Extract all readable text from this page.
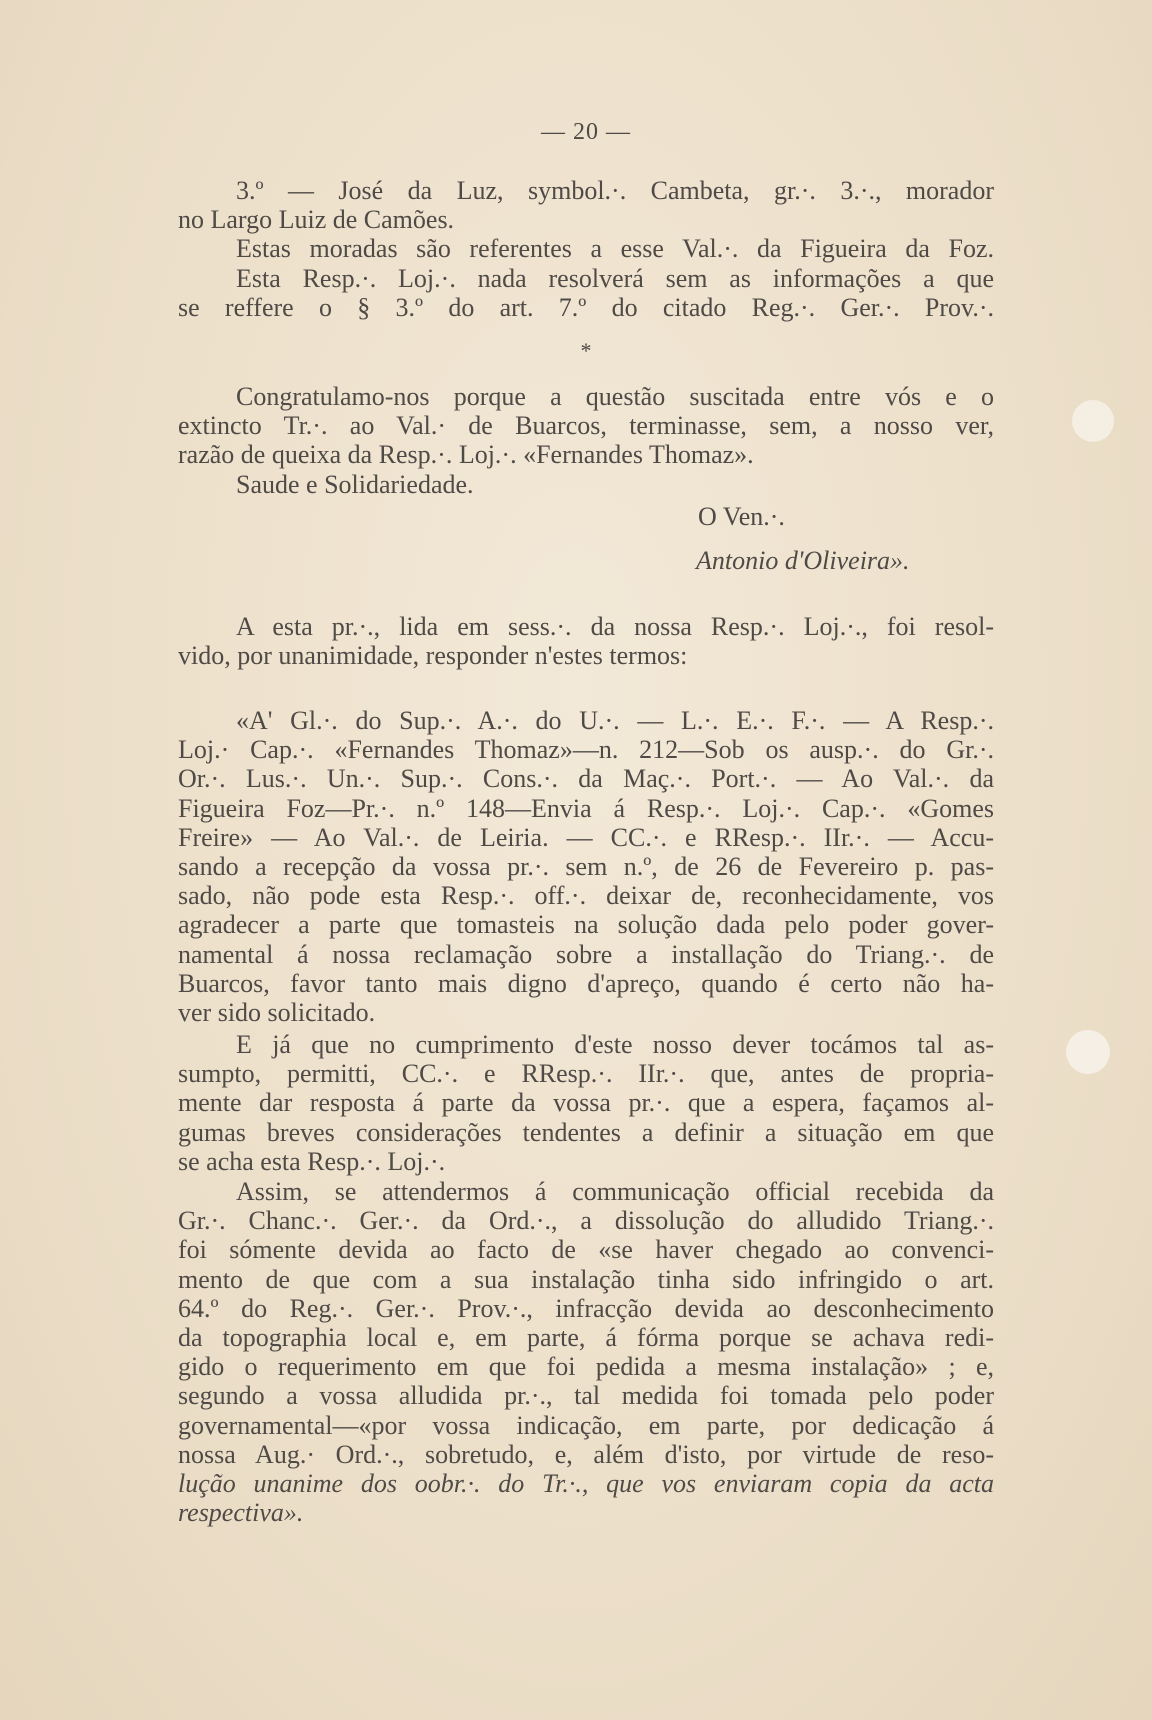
— 20 —
3.º — José da Luz, symbol.·. Cambeta, gr.·. 3.·., morador
no Largo Luiz de Camões.
Estas moradas são referentes a esse Val.·. da Figueira da Foz.
Esta Resp.·. Loj.·. nada resolverá sem as informações a que
se reffere o § 3.º do art. 7.º do citado Reg.·. Ger.·. Prov.·.
*
Congratulamo-nos porque a questão suscitada entre vós e o
extincto Tr.·. ao Val.· de Buarcos, terminasse, sem, a nosso ver,
razão de queixa da Resp.·. Loj.·. «Fernandes Thomaz».
Saude e Solidariedade.
O Ven.·.
Antonio d'Oliveira».
A esta pr.·., lida em sess.·. da nossa Resp.·. Loj.·., foi resol-
vido, por unanimidade, responder n'estes termos:
«A' Gl.·. do Sup.·. A.·. do U.·. — L.·. E.·. F.·. — A Resp.·.
Loj.· Cap.·. «Fernandes Thomaz»—n. 212—Sob os ausp.·. do Gr.·.
Or.·. Lus.·. Un.·. Sup.·. Cons.·. da Maç.·. Port.·. — Ao Val.·. da
Figueira Foz—Pr.·. n.º 148—Envia á Resp.·. Loj.·. Cap.·. «Gomes
Freire» — Ao Val.·. de Leiria. — CC.·. e RResp.·. IIr.·. — Accu-
sando a recepção da vossa pr.·. sem n.º, de 26 de Fevereiro p. pas-
sado, não pode esta Resp.·. off.·. deixar de, reconhecidamente, vos
agradecer a parte que tomasteis na solução dada pelo poder gover-
namental á nossa reclamação sobre a installação do Triang.·. de
Buarcos, favor tanto mais digno d'apreço, quando é certo não ha-
ver sido solicitado.
E já que no cumprimento d'este nosso dever tocámos tal as-
sumpto, permitti, CC.·. e RResp.·. IIr.·. que, antes de propria-
mente dar resposta á parte da vossa pr.·. que a espera, façamos al-
gumas breves considerações tendentes a definir a situação em que
se acha esta Resp.·. Loj.·.
Assim, se attendermos á communicação official recebida da
Gr.·. Chanc.·. Ger.·. da Ord.·., a dissolução do alludido Triang.·.
foi sómente devida ao facto de «se haver chegado ao convenci-
mento de que com a sua instalação tinha sido infringido o art.
64.º do Reg.·. Ger.·. Prov.·., infracção devida ao desconhecimento
da topographia local e, em parte, á fórma porque se achava redi-
gido o requerimento em que foi pedida a mesma instalação» ; e,
segundo a vossa alludida pr.·., tal medida foi tomada pelo poder
governamental—«por vossa indicação, em parte, por dedicação á
nossa Aug.· Ord.·., sobretudo, e, além d'isto, por virtude de reso-
lução unanime dos oobr.·. do Tr.·., que vos enviaram copia da acta
respectiva».
